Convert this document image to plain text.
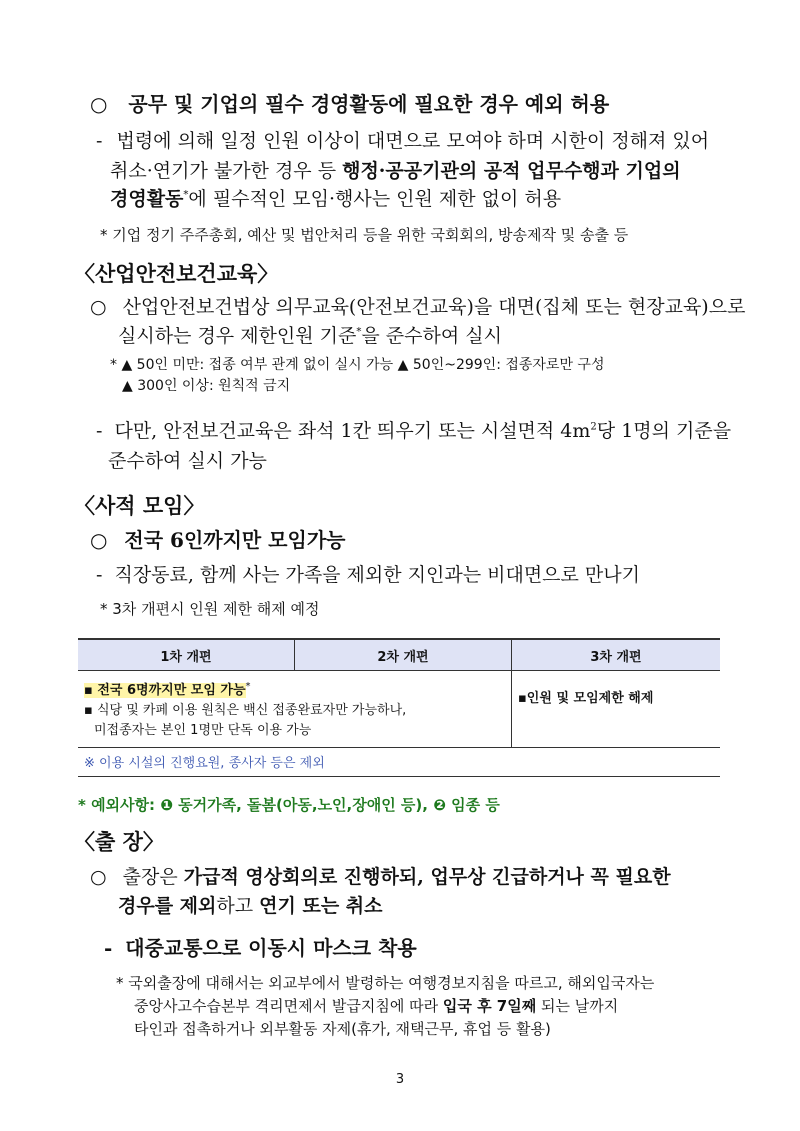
○ 공무 및 기업의 필수 경영활동에 필요한 경우 예외 허용
- 법령에 의해 일정 인원 이상이 대면으로 모여야 하며 시한이 정해져 있어
취소·연기가 불가한 경우 등 행정·공공기관의 공적 업무수행과 기업의
경영활동*에 필수적인 모임·행사는 인원 제한 없이 허용
* 기업 정기 주주총회, 예산 및 법안처리 등을 위한 국회회의, 방송제작 및 송출 등
〈산업안전보건교육〉
○ 산업안전보건법상 의무교육(안전보건교육)을 대면(집체 또는 현장교육)으로
실시하는 경우 제한인원 기준*을 준수하여 실시
* ▲ 50인 미만: 접종 여부 관계 없이 실시 가능 ▲ 50인~299인: 접종자로만 구성
▲ 300인 이상: 원칙적 금지
- 다만, 안전보건교육은 좌석 1칸 띄우기 또는 시설면적 $4m^2$당 1명의 기준을
준수하여 실시 가능
〈사적 모임〉
○ 전국 6인까지만 모임가능
- 직장동료, 함께 사는 가족을 제외한 지인과는 비대면으로 만나기
* 3차 개편시 인원 제한 해제 예정
1차 개편	2차 개편	3차 개편

▪ 전국 6명까지만 모임 가능*
▪ 식당 및 카페 이용 원칙은 백신 접종완료자만 가능하나,
미접종자는 본인 1명만 단독 이용 가능		▪인원 및 모임제한 해제

※ 이용 시설의 진행요원, 종사자 등은 제외		
* 예외사항: ❶ 동거가족, 돌봄(아동,노인,장애인 등), ❷ 임종 등
〈출 장〉
○ 출장은 가급적 영상회의로 진행하되, 업무상 긴급하거나 꼭 필요한
경우를 제외하고 연기 또는 취소
- 대중교통으로 이동시 마스크 착용
* 국외출장에 대해서는 외교부에서 발령하는 여행경보지침을 따르고, 해외입국자는
중앙사고수습본부 격리면제서 발급지침에 따라 입국 후 7일째 되는 날까지
타인과 접촉하거나 외부활동 자제(휴가, 재택근무, 휴업 등 활용)
3
